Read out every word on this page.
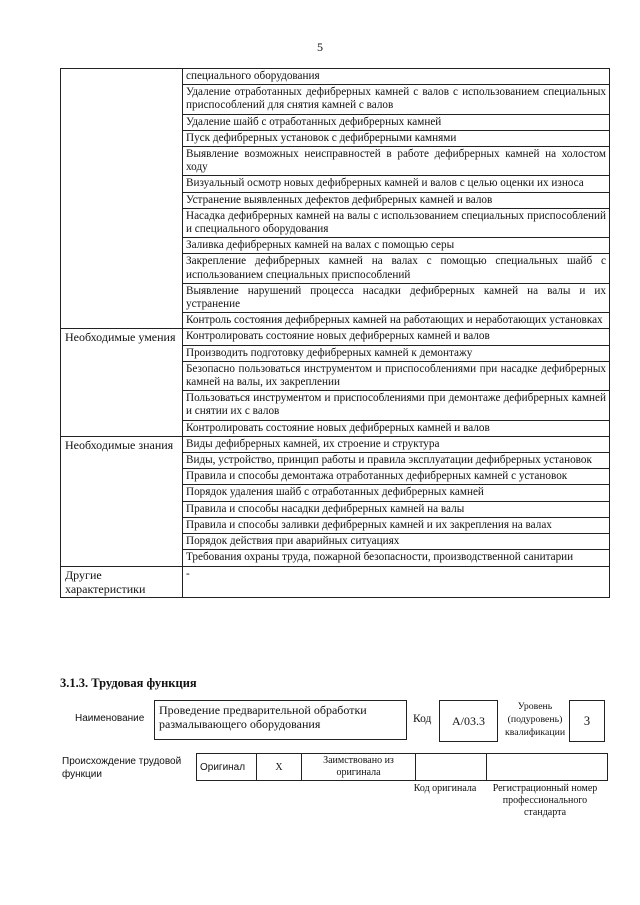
5
	специального оборудования
	Удаление отработанных дефибрерных камней с валов с использованием специальных приспособлений для снятия камней с валов
	Удаление шайб с отработанных дефибрерных камней
	Пуск дефибрерных установок с дефибрерными камнями
	Выявление возможных неисправностей в работе дефибрерных камней на холостом ходу
	Визуальный осмотр новых дефибрерных камней и валов с целью оценки их износа
	Устранение выявленных дефектов дефибрерных камней и валов
	Насадка дефибрерных камней на валы с использованием специальных приспособлений и специального оборудования
	Заливка дефибрерных камней на валах с помощью серы
	Закрепление дефибрерных камней на валах с помощью специальных шайб с использованием специальных приспособлений
	Выявление нарушений процесса насадки дефибрерных камней на валы и их устранение
	Контроль состояния дефибрерных камней на работающих и неработающих установках
Необходимые умения	Контролировать состояние новых дефибрерных камней и валов
	Производить подготовку дефибрерных камней к демонтажу
	Безопасно пользоваться инструментом и приспособлениями при насадке дефибрерных камней на валы, их закреплении
	Пользоваться инструментом и приспособлениями при демонтаже дефибрерных камней и снятии их с валов
	Контролировать состояние новых дефибрерных камней и валов
Необходимые знания	Виды дефибрерных камней, их строение и структура
	Виды, устройство, принцип работы и правила эксплуатации дефибрерных установок
	Правила и способы демонтажа отработанных дефибрерных камней с установок
	Порядок удаления шайб с отработанных дефибрерных камней
	Правила и способы насадки дефибрерных камней на валы
	Правила и способы заливки дефибрерных камней и их закрепления на валах
	Порядок действия при аварийных ситуациях
	Требования охраны труда, пожарной безопасности, производственной санитарии
Другие характеристики	-
3.1.3. Трудовая функция
Наименование
Проведение предварительной обработки размалывающего оборудования	Код	А/03.3
Уровень (подуровень) квалификации
3
Происхождение трудовой функции
Оригинал	Х	Заимствовано из оригинала		
Код оригинала	Регистрационный номер профессионального стандарта
